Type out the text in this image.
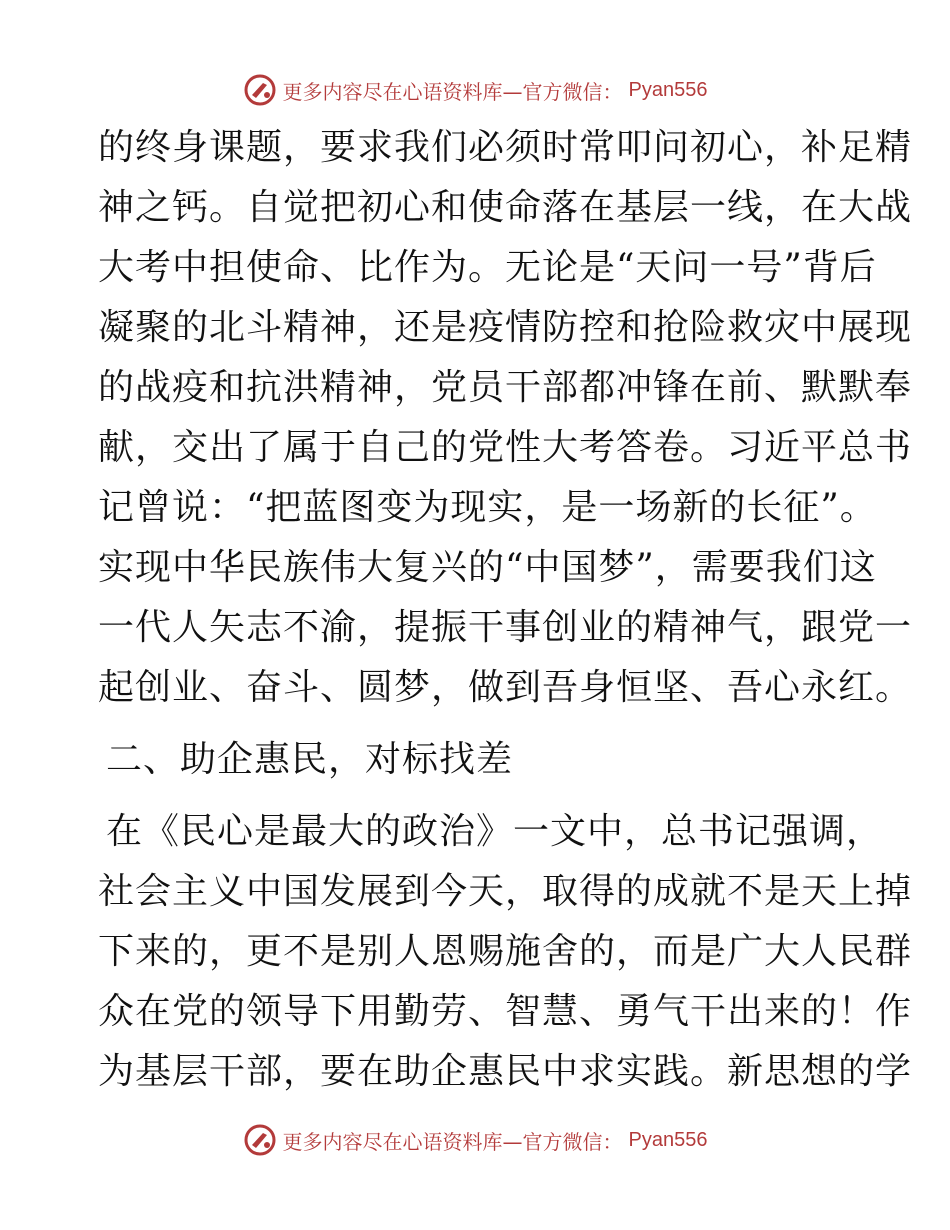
更多内容尽在心语资料库—官方微信： Pyan556
的终身课题，要求我们必须时常叩问初心，补足精
神之钙。自觉把初心和使命落在基层一线，在大战
大考中担使命、比作为。无论是“天问一号”背后
凝聚的北斗精神，还是疫情防控和抢险救灾中展现
的战疫和抗洪精神，党员干部都冲锋在前、默默奉
献，交出了属于自己的党性大考答卷。习近平总书
记曾说：“把蓝图变为现实，是一场新的长征”。
实现中华民族伟大复兴的“中国梦”，需要我们这
一代人矢志不渝，提振干事创业的精神气，跟党一
起创业、奋斗、圆梦，做到吾身恒坚、吾心永红。
二、助企惠民，对标找差
在《民心是最大的政治》一文中，总书记强调，
社会主义中国发展到今天，取得的成就不是天上掉
下来的，更不是别人恩赐施舍的，而是广大人民群
众在党的领导下用勤劳、智慧、勇气干出来的！作
为基层干部，要在助企惠民中求实践。新思想的学
更多内容尽在心语资料库—官方微信： Pyan556
